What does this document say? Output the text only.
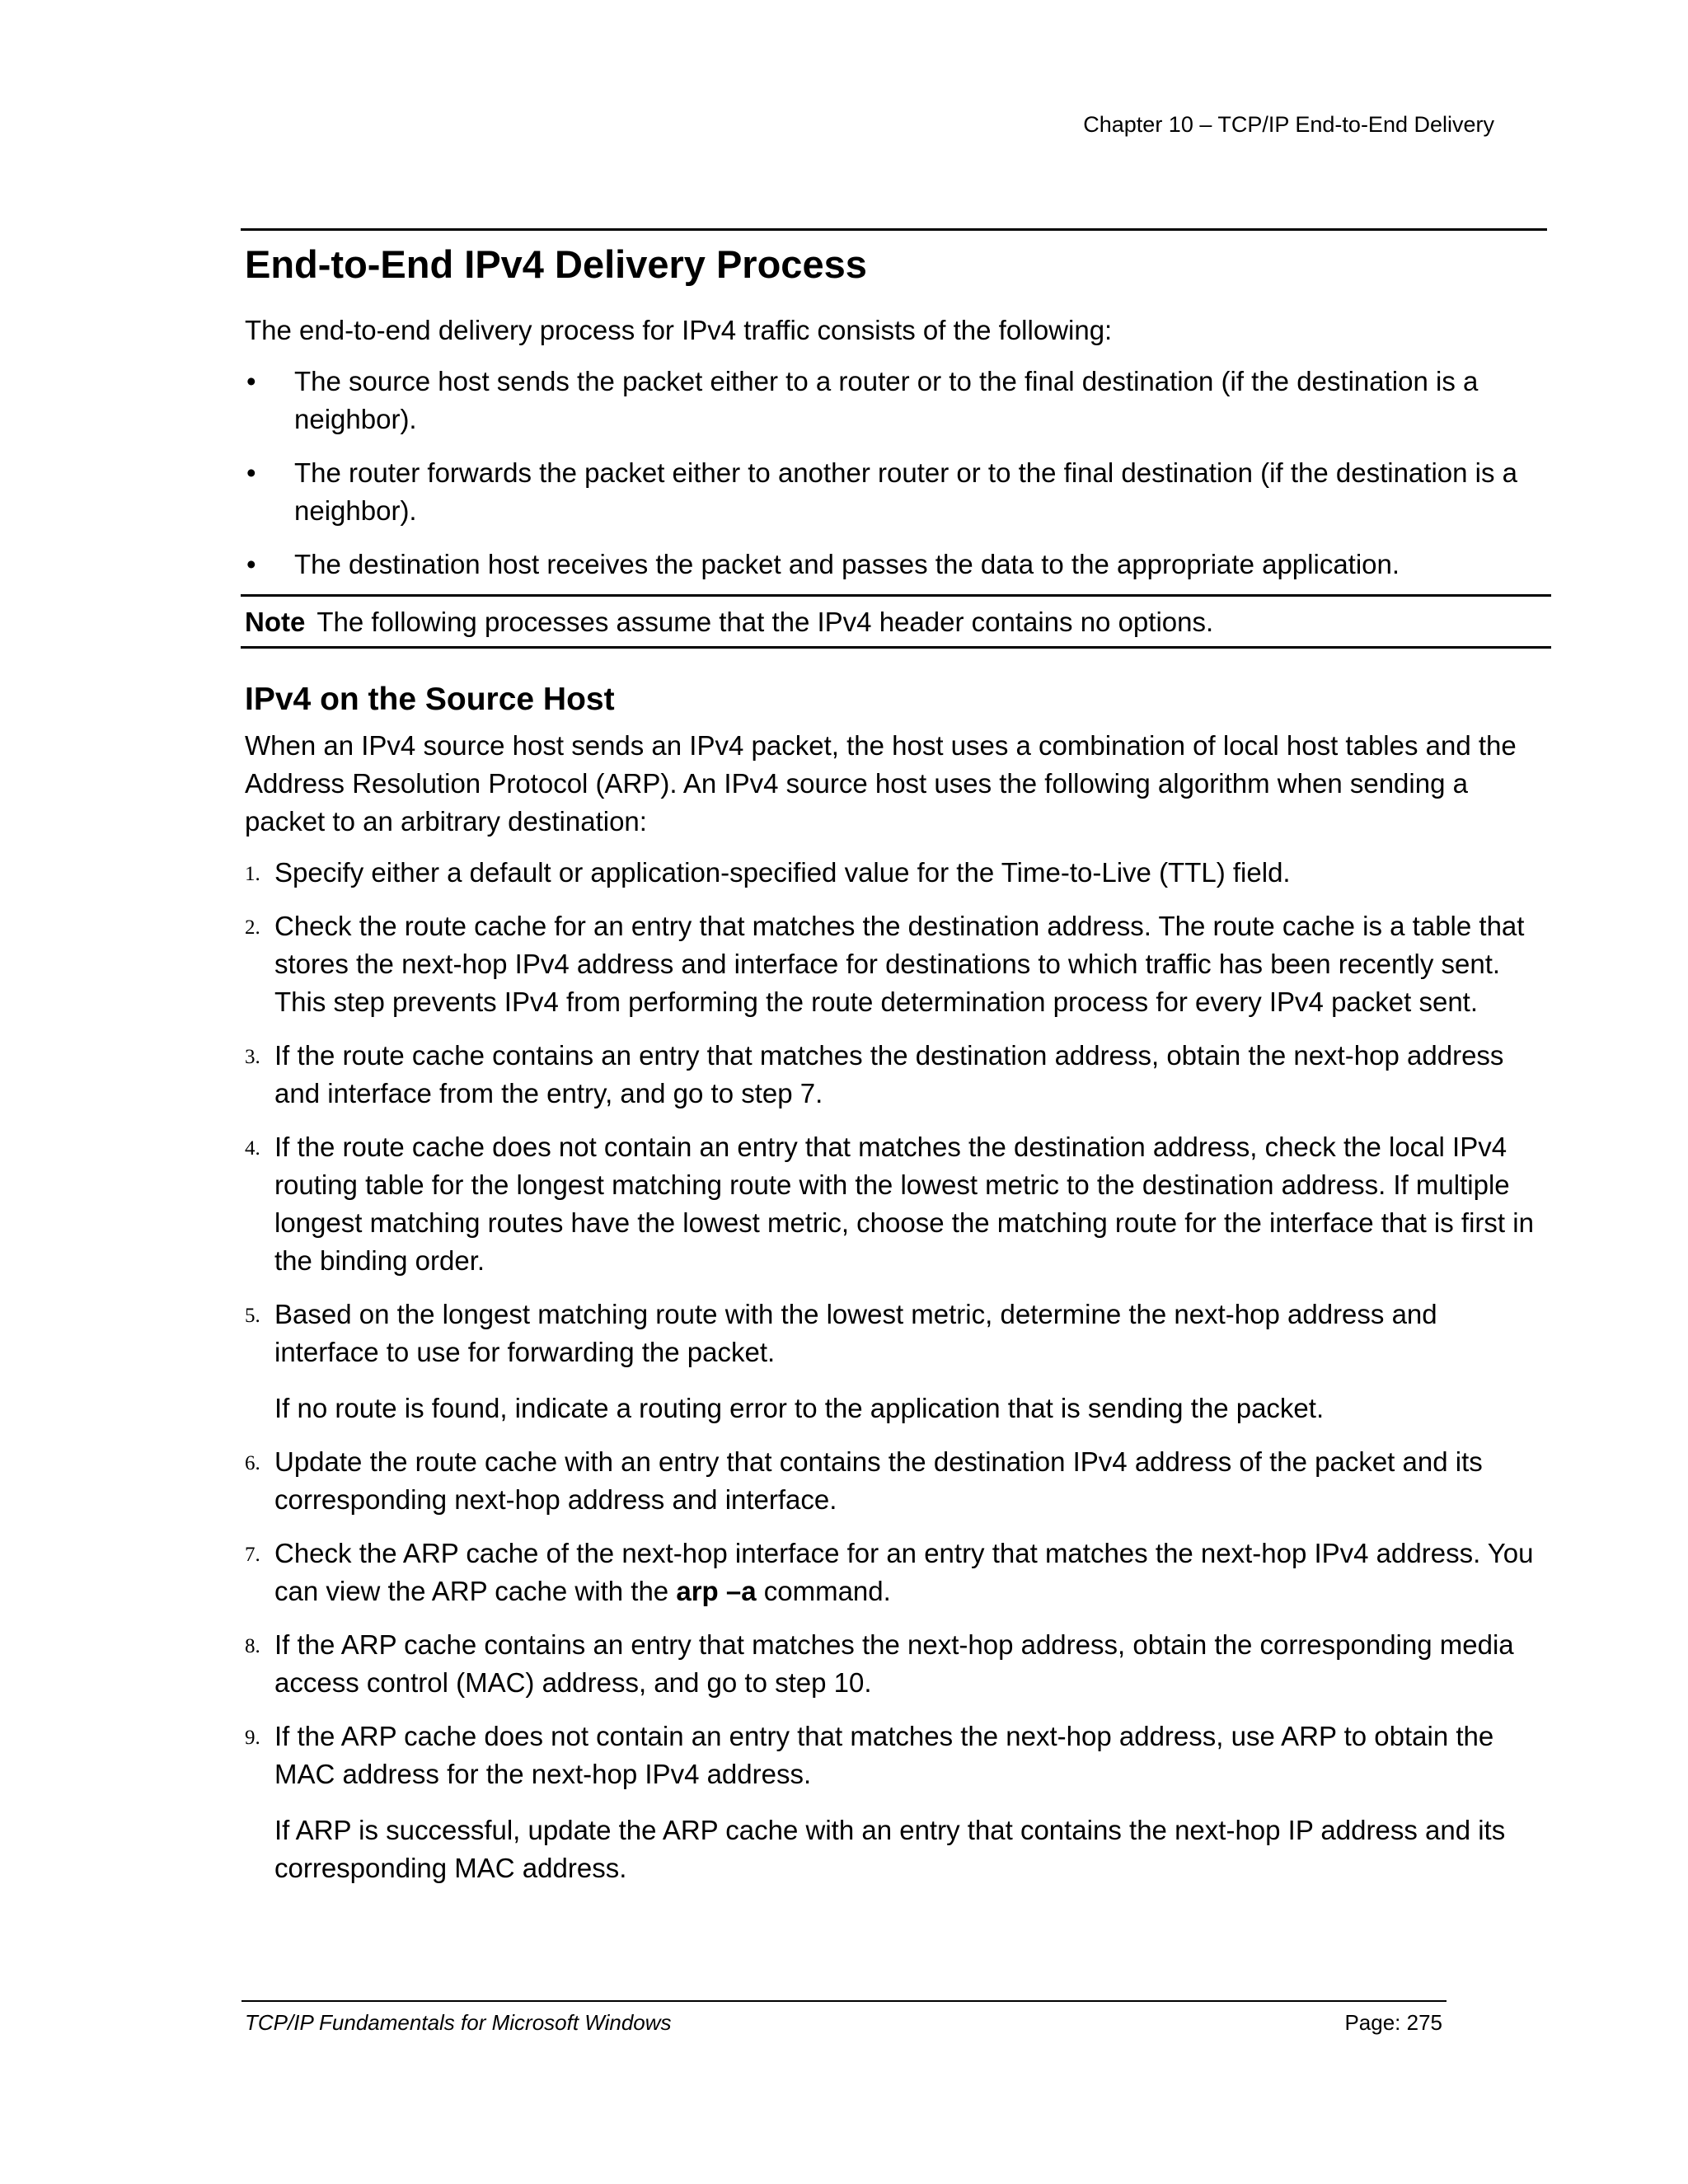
Chapter 10 – TCP/IP End-to-End Delivery
End-to-End IPv4 Delivery Process

The end-to-end delivery process for IPv4 traffic consists of the following:

• The source host sends the packet either to a router or to the final destination (if the destination is a neighbor).
• The router forwards the packet either to another router or to the final destination (if the destination is a neighbor).
• The destination host receives the packet and passes the data to the appropriate application.
Note The following processes assume that the IPv4 header contains no options.
IPv4 on the Source Host

When an IPv4 source host sends an IPv4 packet, the host uses a combination of local host tables and the Address Resolution Protocol (ARP). An IPv4 source host uses the following algorithm when sending a packet to an arbitrary destination:

1. Specify either a default or application-specified value for the Time-to-Live (TTL) field.
2. Check the route cache for an entry that matches the destination address. The route cache is a table that stores the next-hop IPv4 address and interface for destinations to which traffic has been recently sent. This step prevents IPv4 from performing the route determination process for every IPv4 packet sent.
3. If the route cache contains an entry that matches the destination address, obtain the next-hop address and interface from the entry, and go to step 7.
4. If the route cache does not contain an entry that matches the destination address, check the local IPv4 routing table for the longest matching route with the lowest metric to the destination address. If multiple longest matching routes have the lowest metric, choose the matching route for the interface that is first in the binding order.
5. Based on the longest matching route with the lowest metric, determine the next-hop address and interface to use for forwarding the packet.
If no route is found, indicate a routing error to the application that is sending the packet.
6. Update the route cache with an entry that contains the destination IPv4 address of the packet and its corresponding next-hop address and interface.
7. Check the ARP cache of the next-hop interface for an entry that matches the next-hop IPv4 address. You can view the ARP cache with the arp –a command.
8. If the ARP cache contains an entry that matches the next-hop address, obtain the corresponding media access control (MAC) address, and go to step 10.
9. If the ARP cache does not contain an entry that matches the next-hop address, use ARP to obtain the MAC address for the next-hop IPv4 address.
If ARP is successful, update the ARP cache with an entry that contains the next-hop IP address and its corresponding MAC address.
TCP/IP Fundamentals for Microsoft Windows	Page: 275
